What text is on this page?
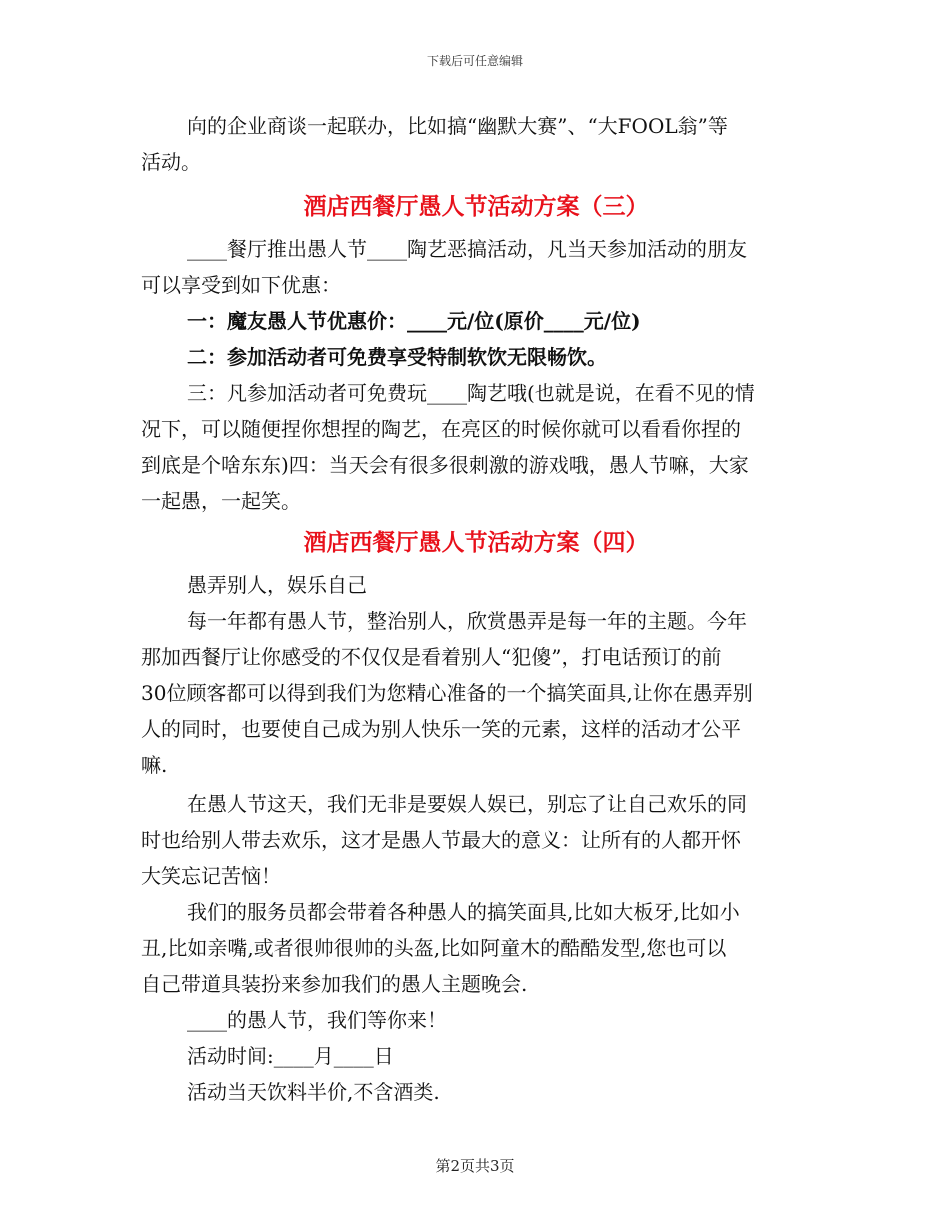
下载后可任意编辑

向的企业商谈一起联办，比如搞“幽默大赛”、“大FOOL翁”等

活动。

酒店西餐厅愚人节活动方案（三）

____餐厅推出愚人节____陶艺恶搞活动，凡当天参加活动的朋友

可以享受到如下优惠：

一：魔友愚人节优惠价：____元/位(原价____元/位)

二：参加活动者可免费享受特制软饮无限畅饮。

三：凡参加活动者可免费玩____陶艺哦(也就是说，在看不见的情

况下，可以随便捏你想捏的陶艺，在亮区的时候你就可以看看你捏的

到底是个啥东东)四：当天会有很多很刺激的游戏哦，愚人节嘛，大家

一起愚，一起笑。

酒店西餐厅愚人节活动方案（四）

愚弄别人，娱乐自己

每一年都有愚人节，整治别人，欣赏愚弄是每一年的主题。今年

那加西餐厅让你感受的不仅仅是看着别人“犯傻”，打电话预订的前

30位顾客都可以得到我们为您精心准备的一个搞笑面具,让你在愚弄别

人的同时，也要使自己成为别人快乐一笑的元素，这样的活动才公平

嘛.

在愚人节这天，我们无非是要娱人娱已，别忘了让自己欢乐的同

时也给别人带去欢乐，这才是愚人节最大的意义：让所有的人都开怀

大笑忘记苦恼！

我们的服务员都会带着各种愚人的搞笑面具,比如大板牙,比如小

丑,比如亲嘴,或者很帅很帅的头盔,比如阿童木的酷酷发型,您也可以

自己带道具装扮来参加我们的愚人主题晚会.

____的愚人节，我们等你来！

活动时间:____月____日

活动当天饮料半价,不含酒类.

第2页共3页
